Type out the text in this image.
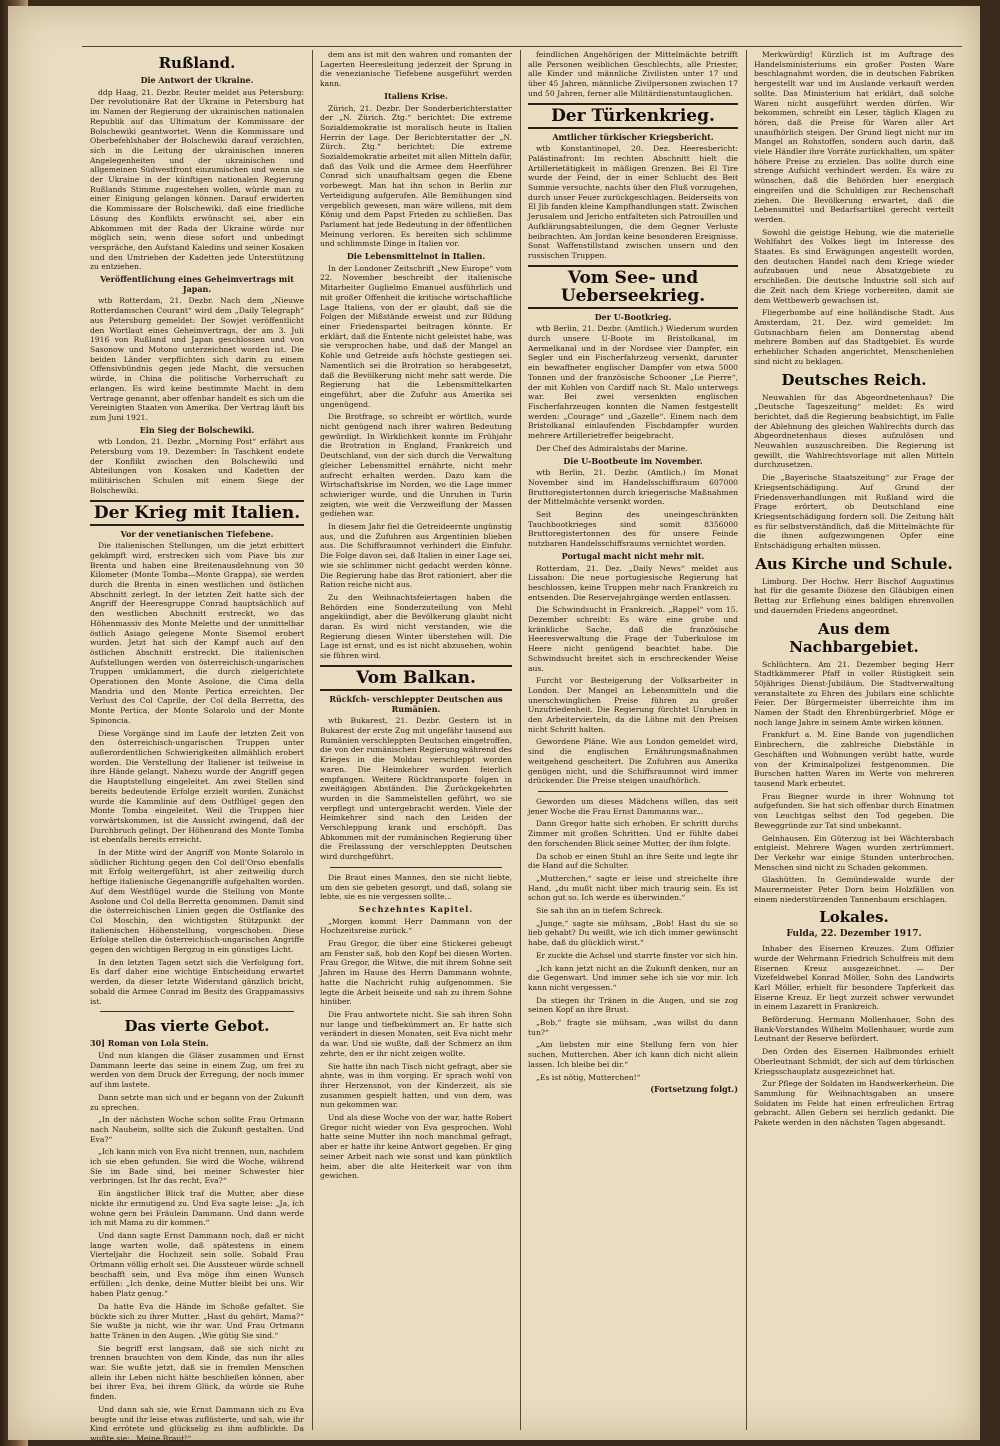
Rußland.
Die Antwort der Ukraine.

ddp Haag, 21. Dezbr. Reuter meldet aus Petersburg: Der revolutionäre Rat der Ukraine in Petersburg hat im Namen der Regierung der ukrainischen nationalen Republik auf das Ultimatum der Kommissare der Bolschewiki geantwortet. Wenn die Kommissare und Oberbefehlshaber der Bolschewiki darauf verzichten, sich in die Leitung der ukrainischen inneren Angelegenheiten und der ukrainischen und allgemeinen Südwestfront einzumischen und wenn sie der Ukraine in der künftigen nationalen Regierung Rußlands Stimme zugestehen wollen, würde man zu einer Einigung gelangen können. Darauf erwiderten die Kommissare der Bolschewiki, daß eine friedliche Lösung des Konflikts erwünscht sei, aber ein Abkommen mit der Rada der Ukraine würde nur möglich sein, wenn diese sofort und unbedingt verspräche, den Aufstand Kaledins und seiner Kosaken und den Umtrieben der Kadetten jede Unterstützung zu entziehen.

Veröffentlichung eines Geheimvertrags mit Japan.

wtb Rotterdam, 21. Dezbr. Nach dem „Nieuwe Rotterdamschen Courant“ wird dem „Daily Telegraph“ aus Petersburg gemeldet: Der Sowjet veröffentlicht den Wortlaut eines Geheimvertrags, der am 3. Juli 1916 von Rußland und Japan geschlossen und von Sasonow und Motono unterzeichnet worden ist. Die beiden Länder verpflichten sich darin zu einem Offensivbündnis gegen jede Macht, die versuchen würde, in China die politische Vorherrschaft zu erlangen. Es wird keine bestimmte Macht in dem Vertrage genannt, aber offenbar handelt es sich um die Vereinigten Staaten von Amerika. Der Vertrag läuft bis zum Juni 1921.

Ein Sieg der Bolschewiki.

wtb London, 21. Dezbr. „Morning Post“ erfährt aus Petersburg vom 19. Dezember: In Taschkent endete der Konflikt zwischen den Bolschewiki und Abteilungen von Kosaken und Kadetten der militärischen Schulen mit einem Siege der Bolschewiki.

Der Krieg mit Italien.
Vor der venetianischen Tiefebene.

Die italienischen Stellungen, um die jetzt erbittert gekämpft wird, erstrecken sich vom Piave bis zur Brenta und haben eine Breitenausdehnung von 30 Kilometer (Monte Tomba—Monte Grappa), sie werden durch die Brenta in einen westlichen und östlichen Abschnitt zerlegt. In der letzten Zeit hatte sich der Angriff der Heeresgruppe Conrad hauptsächlich auf den westlichen Abschnitt erstreckt, wo das Höhenmassiv des Monte Melette und der unmittelbar östlich Asiago gelegene Monte Sisemol erobert wurden. Jetzt hat sich der Kampf auch auf den östlichen Abschnitt erstreckt. Die italienischen Aufstellungen werden von österreichisch-ungarischen Truppen umklammert, die durch zielgerichtete Operationen den Monte Asolone, die Cima della Mandria und den Monte Pertica erreichten. Der Verlust des Col Caprile, der Col della Berretta, des Monte Pertica, der Monte Solarolo und der Monte Spinoncia.

Diese Vorgänge sind im Laufe der letzten Zeit von den österreichisch-ungarischen Truppen unter außerordentlichen Schwierigkeiten allmählich erobert worden. Die Verstellung der Italiener ist teilweise in ihre Hände gelangt. Nahezu wurde der Angriff gegen die Hauptstellung eingeleitet. Am zwei Stellen sind bereits bedeutende Erfolge erzielt worden. Zunächst wurde die Kammlinie auf dem Ostflügel gegen den Monte Tomba eingeleitet. Weil die Truppen hier vorwärtskommen, ist die Aussicht zwingend, daß der Durchbruch gelingt. Der Höhenrand des Monte Tomba ist ebenfalls bereits erreicht.

In der Mitte wird der Angriff von Monte Solarolo in südlicher Richtung gegen den Col dell’Orso ebenfalls mit Erfolg weitergeführt, ist aber zeitweilig durch heftige italienische Gegenangriffe aufgehalten worden. Auf dem Westflügel wurde die Stellung von Monte Asolone und Col della Berretta genommen. Damit sind die österreichischen Linien gegen die Ostflanke des Col Moschin, den wichtigsten Stützpunkt der italienischen Höhenstellung, vorgeschoben. Diese Erfolge stellen die österreichisch-ungarischen Angriffe gegen den wichtigen Bergzug in ein günstiges Licht.

In den letzten Tagen setzt sich die Verfolgung fort. Es darf daher eine wichtige Entscheidung erwartet werden, da dieser letzte Widerstand gänzlich bricht, sobald die Armee Conrad im Besitz des Grappamassivs ist.

Das vierte Gebot.
30] Roman von Lola Stein.

Und nun klangen die Gläser zusammen und Ernst Dammann leerte das seine in einem Zug, um frei zu werden von dem Druck der Erregung, der noch immer auf ihm lastete.

Dann setzte man sich und er begann von der Zukunft zu sprechen.

„In der nächsten Woche schon sollte Frau Ortmann nach Nauheim, sollte sich die Zukunft gestalten. Und Eva?“

„Ich kann mich von Eva nicht trennen, nun, nachdem ich sie eben gefunden. Sie wird die Woche, während Sie im Bade sind, bei meiner Schwester hier verbringen. Ist Ihr das recht, Eva?“

Ein ängstlicher Blick traf die Mutter, aber diese nickte ihr ermutigend zu. Und Eva sagte leise: „Ja, ich wohne gern bei Fräulein Dammann. Und dann werde ich mit Mama zu dir kommen.“

Und dann sagte Ernst Dammann noch, daß er nicht lange warten wolle, daß spätestens in einem Vierteljahr die Hochzeit sein solle. Sobald Frau Ortmann völlig erholt sei. Die Aussteuer würde schnell beschafft sein, und Eva möge ihm einen Wunsch erfüllen: „Ich denke, deine Mutter bleibt bei uns. Wir haben Platz genug.“

Da hatte Eva die Hände im Schoße gefaltet. Sie bückte sich zu ihrer Mutter. „Hast du gehört, Mama?“ Sie wußte ja nicht, wie ihr war. Und Frau Ortmann hatte Tränen in den Augen. „Wie gütig Sie sind.“

Sie begriff erst langsam, daß sie sich nicht zu trennen brauchten von dem Kinde, das nun ihr alles war. Sie wußte jetzt, daß sie in fremden Menschen allein ihr Leben nicht hätte beschließen können, aber bei ihrer Eva, bei ihrem Glück, da würde sie Ruhe finden.

Und dann sah sie, wie Ernst Dammann sich zu Eva beugte und ihr leise etwas zuflüsterte, und sah, wie ihr Kind errötete und glückselig zu ihm aufblickte. Da wußte sie: „Meine Braut!“

dem ans ist mit den wahren und romanten der Lagerten Heeresleitung jederzeit der Sprung in die venezianische Tiefebene ausgeführt werden kann.

Italiens Krise.

Zürich, 21. Dezbr. Der Sonderberichterstatter der „N. Zürich. Ztg.“ berichtet: Die extreme Sozialdemokratie ist moralisch heute in Italien Herrin der Lage. Der Berichterstatter der „N. Zürch. Ztg.“ berichtet: Die extreme Sozialdemokratie arbeitet mit allen Mitteln dafür, daß das Volk und die Armee dem Heerführer Conrad sich unaufhaltsam gegen die Ebene vorbewegt. Man hat ihn schon in Berlin zur Verteidigung aufgerufen. Alle Bemühungen sind vergeblich gewesen, man wäre willens, mit dem König und dem Papst Frieden zu schließen. Das Parlament hat jede Bedeutung in der öffentlichen Meinung verloren. Es bereiten sich schlimme und schlimmste Dinge in Italien vor.

Die Lebensmittelnot in Italien.

In der Londoner Zeitschrift „New Europe“ vom 22. November beschreibt der italienische Mitarbeiter Guglielmo Emanuel ausführlich und mit großer Offenheit die kritische wirtschaftliche Lage Italiens, von der er glaubt, daß sie die Folgen der Mißstände erweist und zur Bildung einer Friedenspartei beitragen könnte. Er erklärt, daß die Entente nicht geleistet habe, was sie versprochen habe, und daß der Mangel an Kohle und Getreide aufs höchste gestiegen sei. Namentlich sei die Brotration so herabgesetzt, daß die Bevölkerung nicht mehr satt werde. Die Regierung hat die Lebensmittelkarten eingeführt, aber die Zufuhr aus Amerika sei ungenügend.

Die Brotfrage, so schreibt er wörtlich, wurde nicht genügend nach ihrer wahren Bedeutung gewürdigt. In Wirklichkeit konnte im Frühjahr die Brotration in England, Frankreich und Deutschland, von der sich durch die Verwaltung gleicher Lebensmittel ernährte, nicht mehr aufrecht erhalten werden. Dazu kam die Wirtschaftskrise im Norden, wo die Lage immer schwieriger wurde, und die Unruhen in Turin zeigten, wie weit die Verzweiflung der Massen gediehen war.

In diesem Jahr fiel die Getreideernte ungünstig aus, und die Zufuhren aus Argentinien blieben aus. Die Schiffsraumnot verhindert die Einfuhr. Die Folge davon sei, daß Italien in einer Lage sei, wie sie schlimmer nicht gedacht werden könne. Die Regierung habe das Brot rationiert, aber die Ration reiche nicht aus.

Zu den Weihnachtsfeiertagen haben die Behörden eine Sonderzuteilung von Mehl angekündigt, aber die Bevölkerung glaubt nicht daran. Es wird nicht verstanden, wie die Regierung diesen Winter überstehen will. Die Lage ist ernst, und es ist nicht abzusehen, wohin sie führen wird.

Vom Balkan.
Rückfch- verschleppter Deutschen aus Rumänien.

wtb Bukarest, 21. Dezbr. Gestern ist in Bukarest der erste Zug mit ungefähr tausend aus Rumänien verschleppten Deutschen eingetroffen, die von der rumänischen Regierung während des Krieges in die Moldau verschleppt worden waren. Die Heimkehrer wurden feierlich empfangen. Weitere Rücktransporte folgen in zweitägigen Abständen. Die Zurückgekehrten wurden in die Sammelstellen geführt, wo sie verpflegt und untergebracht werden. Viele der Heimkehrer sind nach den Leiden der Verschleppung krank und erschöpft. Das Abkommen mit der rumänischen Regierung über die Freilassung der verschleppten Deutschen wird durchgeführt.

Die Braut eines Mannes, den sie nicht liebte, um den sie gebeten gesorgt, und daß, solang sie lebte, sie es nie vergessen sollte...

Sechzehntes Kapitel.

„Morgen kommt Herr Dammann von der Hochzeitsreise zurück.“

Frau Gregor, die über eine Stickerei gebeugt am Fenster saß, hob den Kopf bei diesen Worten. Frau Gregor, die Witwe, die mit ihrem Sohne seit Jahren im Hause des Herrn Dammann wohnte, hatte die Nachricht ruhig aufgenommen. Sie legte die Arbeit beiseite und sah zu ihrem Sohne hinüber.

Die Frau antwortete nicht. Sie sah ihren Sohn nur lange und tiefbekümmert an. Er hatte sich verändert in diesen Monaten, seit Eva nicht mehr da war. Und sie wußte, daß der Schmerz an ihm zehrte, den er ihr nicht zeigen wollte.

Sie hatte ihn nach Tisch nicht gefragt, aber sie ahnte, was in ihm vorging. Er sprach wohl von ihrer Herzensnot, von der Kinderzeit, als sie zusammen gespielt hatten, und von dem, was nun gekommen war.

Und als diese Woche von der war, hatte Robert Gregor nicht wieder von Eva gesprochen. Wohl hatte seine Mutter ihn noch manchmal gefragt, aber er hatte ihr keine Antwort gegeben. Er ging seiner Arbeit nach wie sonst und kam pünktlich heim, aber die alte Heiterkeit war von ihm gewichen.

feindlichen Angehörigen der Mittelmächte betrifft alle Personen weiblichen Geschlechts, alle Priester, alle Kinder und männliche Zivilisten unter 17 und über 45 Jahren, männliche Zivilpersonen zwischen 17 und 50 Jahren, ferner alle Militärdienstuntauglichen.

Der Türkenkrieg.
Amtlicher türkischer Kriegsbericht.

wtb Konstantinopel, 20. Dez. Heeresbericht: Palästinafront: Im rechten Abschnitt hielt die Artillerietätigkeit in mäßigen Grenzen. Bei El Tire wurde der Feind, der in einer Schlucht des Beit Summie versuchte, nachts über den Fluß vorzugehen, durch unser Feuer zurückgeschlagen. Beiderseits von El Jib fanden kleine Kampfhandlungen statt. Zwischen Jerusalem und Jericho entfalteten sich Patrouillen und Aufklärungsabteilungen, die dem Gegner Verluste beibrachten. Am Jordan keine besonderen Ereignisse. Sonst Waffenstillstand zwischen unsern und den russischen Truppen.

Vom See- und Ueberseekrieg.
Der U-Bootkrieg.

wtb Berlin, 21. Dezbr. (Amtlich.) Wiederum wurden durch unsere U-Boote im Bristolkanal, im Aermelkanal und in der Nordsee vier Dampfer, ein Segler und ein Fischerfahrzeug versenkt, darunter ein bewaffneter englischer Dampfer von etwa 5000 Tonnen und der französische Schooner „Le Pierre“, der mit Kohlen von Cardiff nach St. Malo unterwegs war. Bei zwei versenkten englischen Fischerfahrzeugen konnten die Namen festgestellt werden: „Courage“ und „Gazelle“. Einem nach dem Bristolkanal einlaufenden Fischdampfer wurden mehrere Artillerietreffer beigebracht.

Der Chef des Admiralstabs der Marine.

Die U-Bootbeute im November.

wtb Berlin, 21. Dezbr. (Amtlich.) Im Monat November sind im Handelsschiffsraum 607000 Bruttoregistertonnen durch kriegerische Maßnahmen der Mittelmächte versenkt worden.

Seit Beginn des uneingeschränkten Tauchbootkrieges sind somit 8356000 Bruttoregistertonnen des für unsere Feinde nutzbaren Handelsschiffsraums vernichtet worden.

Portugal macht nicht mehr mit.

Rotterdam, 21. Dez. „Daily News“ meldet aus Lissabon: Die neue portugiesische Regierung hat beschlossen, keine Truppen mehr nach Frankreich zu entsenden. Die Reservejahrgänge werden entlassen.

Die Schwindsucht in Frankreich. „Rappel“ vom 15. Dezember schreibt: Es wäre eine grobe und kränkliche Sache, daß die französische Heeresverwaltung die Frage der Tuberkulose im Heere nicht genügend beachtet habe. Die Schwindsucht breitet sich in erschreckender Weise aus.

Furcht vor Besteigerung der Volksarbeiter in London. Der Mangel an Lebensmitteln und die unerschwinglichen Preise führen zu großer Unzufriedenheit. Die Regierung fürchtet Unruhen in den Arbeitervierteln, da die Löhne mit den Preisen nicht Schritt halten.

Gewordene Pläne. Wie aus London gemeldet wird, sind die englischen Ernährungsmaßnahmen weitgehend gescheitert. Die Zufuhren aus Amerika genügen nicht, und die Schiffsraumnot wird immer drückender. Die Preise steigen unaufhörlich.

Geworden um dieses Mädchens willen, das seit jener Woche die Frau Ernst Dammanns war...

Dann Gregor hatte sich erhoben. Er schritt durchs Zimmer mit großen Schritten. Und er fühlte dabei den forschenden Blick seiner Mutter, der ihm folgte.

Da schob er einen Stuhl an ihre Seite und legte ihr die Hand auf die Schulter.

„Mutterchen,“ sagte er leise und streichelte ihre Hand, „du mußt nicht über mich traurig sein. Es ist schon gut so. Ich werde es überwinden.“

Sie sah ihn an in tiefem Schreck.

„Junge,“ sagte sie mühsam, „Bob! Hast du sie so lieb gehabt? Du weißt, wie ich dich immer gewünscht habe, daß du glücklich wirst.“

Er zuckte die Achsel und starrte finster vor sich hin.

„Ich kann jetzt nicht an die Zukunft denken, nur an die Gegenwart. Und immer sehe ich sie vor mir. Ich kann nicht vergessen.“

Da stiegen ihr Tränen in die Augen, und sie zog seinen Kopf an ihre Brust.

„Bob,“ fragte sie mühsam, „was willst du dann tun?“

„Am liebsten mir eine Stellung fern von hier suchen, Mutterchen. Aber ich kann dich nicht allein lassen. Ich bleibe bei dir.“

„Es ist nötig, Mutterchen!“

(Fortsetzung folgt.)

Merkwürdig! Kürzlich ist im Auftrage des Handelsministeriums ein großer Posten Ware beschlagnahmt worden, die in deutschen Fabriken hergestellt war und im Auslande verkauft werden sollte. Das Ministerium hat erklärt, daß solche Waren nicht ausgeführt werden dürfen. Wir bekommen, schreibt ein Leser, täglich Klagen zu hören, daß die Preise für Waren aller Art unaufhörlich steigen. Der Grund liegt nicht nur im Mangel an Rohstoffen, sondern auch darin, daß viele Händler ihre Vorräte zurückhalten, um später höhere Preise zu erzielen. Das sollte durch eine strenge Aufsicht verhindert werden. Es wäre zu wünschen, daß die Behörden hier energisch eingreifen und die Schuldigen zur Rechenschaft ziehen. Die Bevölkerung erwartet, daß die Lebensmittel und Bedarfsartikel gerecht verteilt werden.

Sowohl die geistige Hebung, wie die materielle Wohlfahrt des Volkes liegt im Interesse des Staates. Es sind Erwägungen angestellt worden, den deutschen Handel nach dem Kriege wieder aufzubauen und neue Absatzgebiete zu erschließen. Die deutsche Industrie soll sich auf die Zeit nach dem Kriege vorbereiten, damit sie dem Wettbewerb gewachsen ist.

Fliegerbombe auf eine holländische Stadt. Aus Amsterdam, 21. Dez. wird gemeldet: Im Gutsnachbarn fielen am Donnerstag abend mehrere Bomben auf das Stadtgebiet. Es wurde erheblicher Schaden angerichtet, Menschenleben sind nicht zu beklagen.

Deutsches Reich.

Neuwahlen für das Abgeordnetenhaus? Die „Deutsche Tageszeitung“ meldet: Es wird berichtet, daß die Regierung beabsichtigt, im Falle der Ablehnung des gleichen Wahlrechts durch das Abgeordnetenhaus dieses aufzulösen und Neuwahlen auszuschreiben. Die Regierung ist gewillt, die Wahlrechtsvorlage mit allen Mitteln durchzusetzen.

Die „Bayerische Staatszeitung“ zur Frage der Kriegsentschädigung. Auf Grund der Friedensverhandlungen mit Rußland wird die Frage erörtert, ob Deutschland eine Kriegsentschädigung fordern soll. Die Zeitung hält es für selbstverständlich, daß die Mittelmächte für die ihnen aufgezwungenen Opfer eine Entschädigung erhalten müssen.

Aus Kirche und Schule.

Limburg. Der Hochw. Herr Bischof Augustinus hat für die gesamte Diözese den Gläubigen einen Bettag zur Erflehung eines baldigen ehrenvollen und dauernden Friedens angeordnet.

Aus dem Nachbargebiet.

Schlüchtern. Am 21. Dezember beging Herr Stadtkämmerer Pfaff in voller Rüstigkeit sein 50jähriges Dienst-Jubiläum. Die Stadtverwaltung veranstaltete zu Ehren des Jubilars eine schlichte Feier. Der Bürgermeister überreichte ihm im Namen der Stadt den Ehrenbürgerbrief. Möge er noch lange Jahre in seinem Amte wirken können.

Frankfurt a. M. Eine Bande von jugendlichen Einbrechern, die zahlreiche Diebstähle in Geschäften und Wohnungen verübt hatte, wurde von der Kriminalpolizei festgenommen. Die Burschen hatten Waren im Werte von mehreren tausend Mark erbeutet.

Frau Biegner wurde in ihrer Wohnung tot aufgefunden. Sie hat sich offenbar durch Einatmen von Leuchtgas selbst den Tod gegeben. Die Beweggründe zur Tat sind unbekannt.

Gelnhausen. Ein Güterzug ist bei Wächtersbach entgleist. Mehrere Wagen wurden zertrümmert. Der Verkehr war einige Stunden unterbrochen. Menschen sind nicht zu Schaden gekommen.

Glashütten. In Gemündewalde wurde der Maurermeister Peter Dorn beim Holzfällen von einem niederstürzenden Tannenbaum erschlagen.

Lokales.
Fulda, 22. Dezember 1917.

Inhaber des Eisernen Kreuzes. Zum Offizier wurde der Wehrmann Friedrich Schulfreis mit dem Eisernen Kreuz ausgezeichnet. — Der Vizefeldwebel Konrad Möller, Sohn des Landwirts Karl Möller, erhielt für besondere Tapferkeit das Eiserne Kreuz. Er liegt zurzeit schwer verwundet in einem Lazarett in Frankreich.

Beförderung. Hermann Mollenhauer, Sohn des Bank-Vorstandes Wilhelm Mollenhauer, wurde zum Leutnant der Reserve befördert.

Den Orden des Eisernen Halbmondes erhielt Oberleutnant Schmidt, der sich auf dem türkischen Kriegsschauplatz ausgezeichnet hat.

Zur Pflege der Soldaten im Handwerkerheim. Die Sammlung für Weihnachtsgaben an unsere Soldaten im Felde hat einen erfreulichen Ertrag gebracht. Allen Gebern sei herzlich gedankt. Die Pakete werden in den nächsten Tagen abgesandt.
